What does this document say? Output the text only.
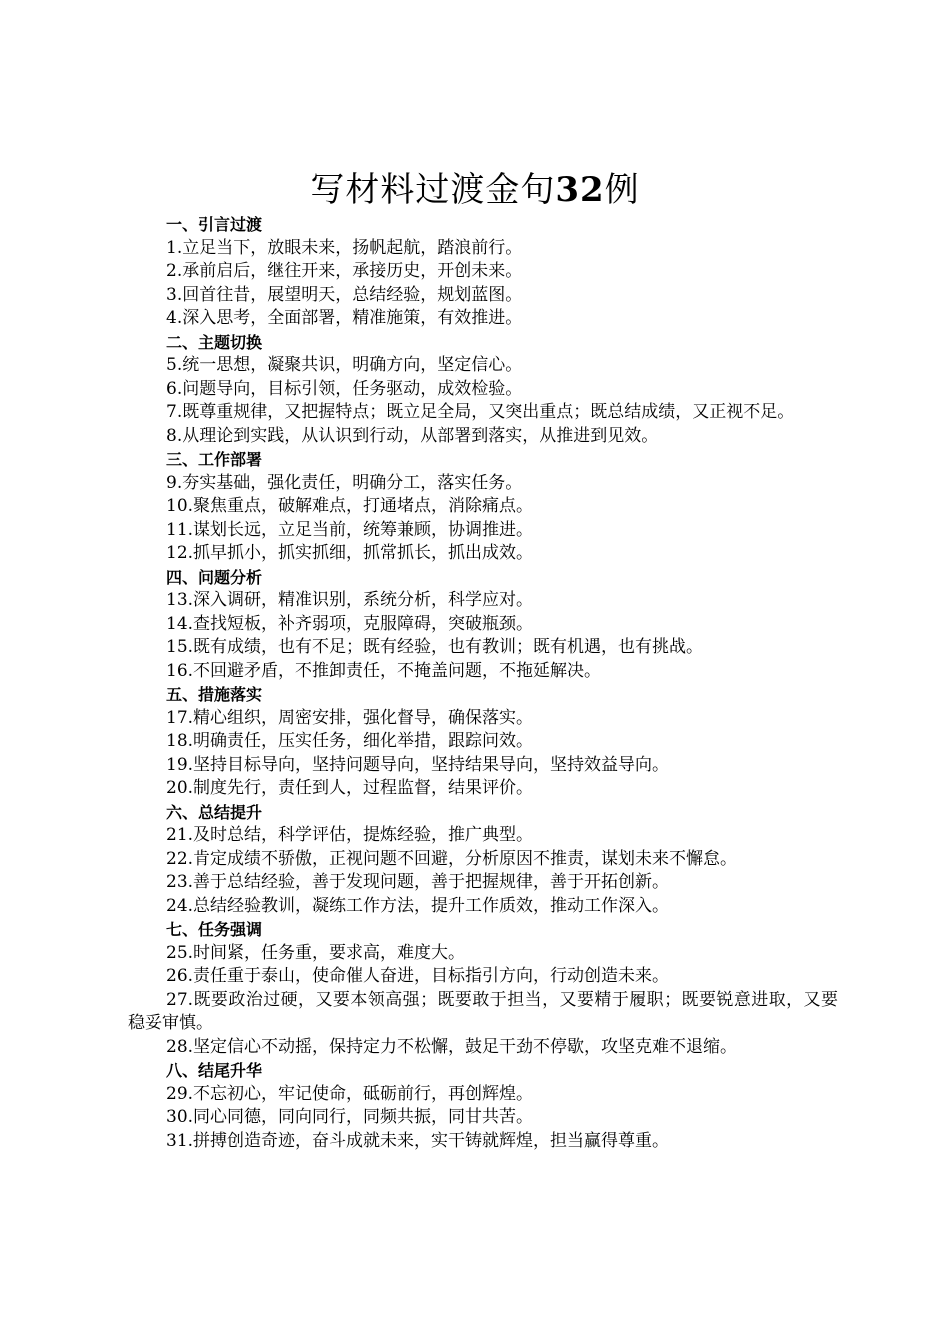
写材料过渡金句32例
一、引言过渡
1.立足当下，放眼未来，扬帆起航，踏浪前行。
2.承前启后，继往开来，承接历史，开创未来。
3.回首往昔，展望明天，总结经验，规划蓝图。
4.深入思考，全面部署，精准施策，有效推进。
二、主题切换
5.统一思想，凝聚共识，明确方向，坚定信心。
6.问题导向，目标引领，任务驱动，成效检验。
7.既尊重规律，又把握特点；既立足全局，又突出重点；既总结成绩，又正视不足。
8.从理论到实践，从认识到行动，从部署到落实，从推进到见效。
三、工作部署
9.夯实基础，强化责任，明确分工，落实任务。
10.聚焦重点，破解难点，打通堵点，消除痛点。
11.谋划长远，立足当前，统筹兼顾，协调推进。
12.抓早抓小，抓实抓细，抓常抓长，抓出成效。
四、问题分析
13.深入调研，精准识别，系统分析，科学应对。
14.查找短板，补齐弱项，克服障碍，突破瓶颈。
15.既有成绩，也有不足；既有经验，也有教训；既有机遇，也有挑战。
16.不回避矛盾，不推卸责任，不掩盖问题，不拖延解决。
五、措施落实
17.精心组织，周密安排，强化督导，确保落实。
18.明确责任，压实任务，细化举措，跟踪问效。
19.坚持目标导向，坚持问题导向，坚持结果导向，坚持效益导向。
20.制度先行，责任到人，过程监督，结果评价。
六、总结提升
21.及时总结，科学评估，提炼经验，推广典型。
22.肯定成绩不骄傲，正视问题不回避，分析原因不推责，谋划未来不懈怠。
23.善于总结经验，善于发现问题，善于把握规律，善于开拓创新。
24.总结经验教训，凝练工作方法，提升工作质效，推动工作深入。
七、任务强调
25.时间紧，任务重，要求高，难度大。
26.责任重于泰山，使命催人奋进，目标指引方向，行动创造未来。
27.既要政治过硬，又要本领高强；既要敢于担当，又要精于履职；既要锐意进取，又要稳妥审慎。
28.坚定信心不动摇，保持定力不松懈，鼓足干劲不停歇，攻坚克难不退缩。
八、结尾升华
29.不忘初心，牢记使命，砥砺前行，再创辉煌。
30.同心同德，同向同行，同频共振，同甘共苦。
31.拼搏创造奇迹，奋斗成就未来，实干铸就辉煌，担当赢得尊重。
